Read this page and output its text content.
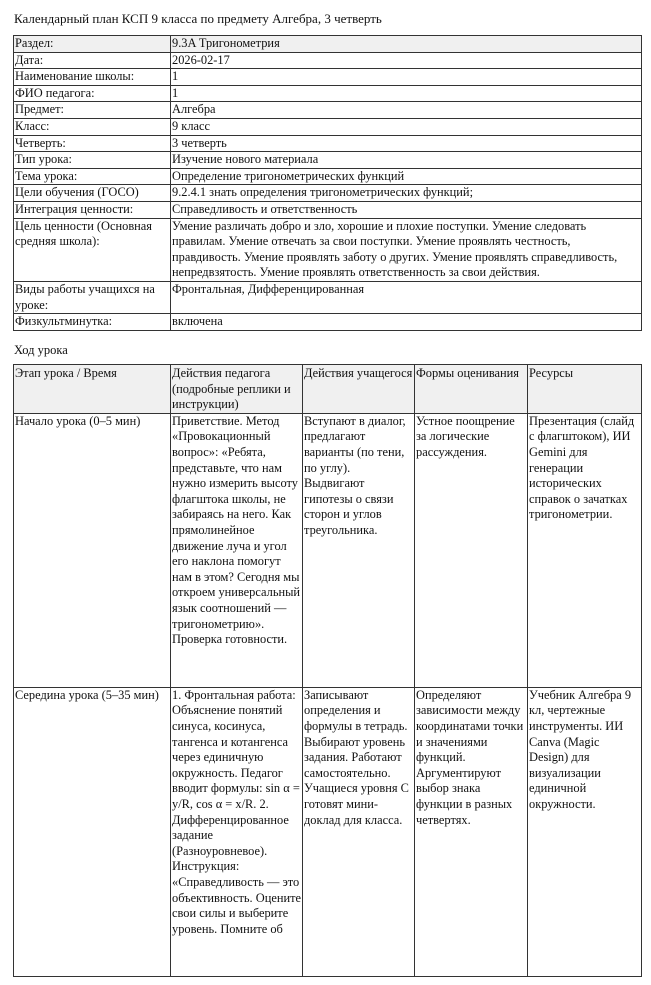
Календарный план КСП 9 класса по предмету Алгебра, 3 четверть
Раздел:	9.3A Тригонометрия
Дата:	2026-02-17
Наименование школы:	1
ФИО педагога:	1
Предмет:	Алгебра
Класс:	9 класс
Четверть:	3 четверть
Тип урока:	Изучение нового материала
Тема урока:	Определение тригонометрических функций
Цели обучения (ГОСО)	9.2.4.1 знать определения тригонометрических функций;
Интеграция ценности:	Справедливость и ответственность
Цель ценности (Основная средняя школа):	Умение различать добро и зло, хорошие и плохие поступки. Умение следовать правилам. Умение отвечать за свои поступки. Умение проявлять честность, правдивость. Умение проявлять заботу о других. Умение проявлять справедливость, непредвзятость. Умение проявлять ответственность за свои действия.
Виды работы учащихся на уроке:	Фронтальная, Дифференцированная
Физкультминутка:	включена
Ход урока
Этап урока / Время	Действия педагога (подробные реплики и инструкции)	Действия учащегося	Формы оценивания	Ресурсы
Начало урока (0–5 мин)	Приветствие. Метод «Провокационный вопрос»: «Ребята, представьте, что нам нужно измерить высоту флагштока школы, не забираясь на него. Как прямолинейное движение луча и угол его наклона помогут нам в этом? Сегодня мы откроем универсальный язык соотношений — тригонометрию». Проверка готовности.	Вступают в диалог, предлагают варианты (по тени, по углу). Выдвигают гипотезы о связи сторон и углов треугольника.	Устное поощрение за логические рассуждения.	Презентация (слайд с флагштоком), ИИ Gemini для генерации исторических справок о зачатках тригонометрии.

Середина урока (5–35 мин)	1. Фронтальная работа: Объяснение понятий синуса, косинуса, тангенса и котангенса через единичную окружность. Педагог вводит формулы: sin α = y/R, cos α = x/R. 2. Дифференцированное задание (Разноуровневое). Инструкция: «Справедливость — это объективность. Оцените свои силы и выберите уровень. Помните об	Записывают определения и формулы в тетрадь. Выбирают уровень задания. Работают самостоятельно. Учащиеся уровня С готовят мини-доклад для класса.	Определяют зависимости между координатами точки и значениями функций. Аргументируют выбор знака функции в разных четвертях.	Учебник Алгебра 9 кл, чертежные инструменты. ИИ Canva (Magic Design) для визуализации единичной окружности.
